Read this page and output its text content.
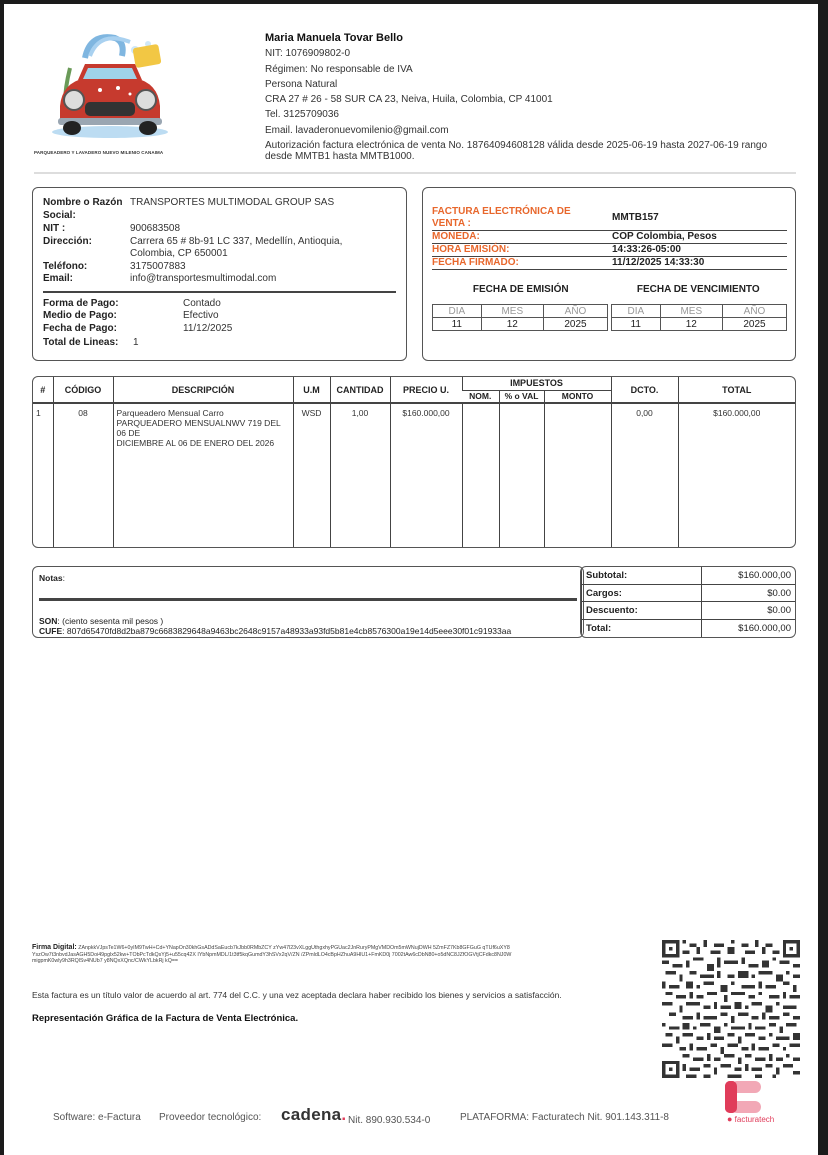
PARQUEADERO Y LAVADERO NUEVO MILENIO CANAIMA
Maria Manuela Tovar Bello
NIT: 1076909802-0
Régimen: No responsable de IVA
Persona Natural
CRA 27 # 26 - 58 SUR CA 23, Neiva, Huila, Colombia, CP 41001
Tel. 3125709036
Email. lavaderonuevomilenio@gmail.com
Autorización factura electrónica de venta No. 18764094608128 válida desde 2025-06-19 hasta 2027-06-19 rango desde MMTB1 hasta MMTB1000.
Nombre o Razón Social:
TRANSPORTES MULTIMODAL GROUP SAS
NIT :	900683508
Dirección:	Carrera 65 # 8b-91 LC 337, Medellín, Antioquia, Colombia, CP 650001
Teléfono:	3175007883
Email:	info@transportesmultimodal.com
Forma de Pago:	Contado
Medio de Pago:	Efectivo
Fecha de Pago:	11/12/2025
Total de Lineas:	1
FACTURA ELECTRÓNICA DE VENTA :
MMTB157
MONEDA:	COP Colombia, Pesos
HORA EMISIÓN:	14:33:26-05:00
FECHA FIRMADO:	11/12/2025 14:33:30
FECHA DE EMISIÓN	FECHA DE VENCIMIENTO
DIA	MES	AÑO
11	12	2025
DIA	MES	AÑO
11	12	2025
#	CÓDIGO	DESCRIPCIÓN	U.M	CANTIDAD	PRECIO U.	IMPUESTOS			DCTO.	TOTAL
						NOM.	% o VAL	MONTO		
1	08	Parqueadero Mensual Carro
PARQUEADERO MENSUALNWV 719 DEL 06 DE
DICIEMBRE AL 06 DE ENERO DEL 2026	WSD	1,00	$160.000,00				0,00	$160.000,00
Notas:
SON: (ciento sesenta mil pesos )
CUFE: 807d65470fd8d2ba879c6683829648a9463bc2648c9157a48933a93fd5b81e4cb8576300a19e14d5eee30f01c91933aa
Subtotal:	$160.000,00
Cargos:	$0.00
Descuento:	$0.00
Total:	$160.000,00
Firma Digital: ZAnpkkVJpsTe1W6+0yIM9TwH+Cd+YNapOn30khGsADdSaEucb7kJbb0RMbZCY zYw47l23vXLggUthgxhyPGUac2JnRuryPMgVMDOm5mWNujDWH 5ZmFZ7Kb8GFGuG qTUf6uXY8YszOw7t3nbvdJasAGH5Doi49pglx52kw+TObPcTdkQsYj5+u55cq42X IYbNpmMDL/1t3tf5kqGumdY3hSVx2qV/ZN /ZPmldLO4cBpHZhuA9HlU1+FmKD0j 7002tAw6cDbN80+o5dNC8JZfOGVtjCFdkc8NJ0WmigpmK0wly9h3RQlSv4NUb7 y8NQxXQnc/CWkYLbkRj kQ==
Esta factura es un título valor de acuerdo al art. 774 del C.C. y una vez aceptada declara haber recibido los bienes y servicios a satisfacción.
Representación Gráfica de la Factura de Venta Electrónica.
Software: e-Factura Proveedor tecnológico: cadena. Nit. 890.930.534-0	PLATAFORMA: Facturatech Nit. 901.143.311-8	● facturatech
